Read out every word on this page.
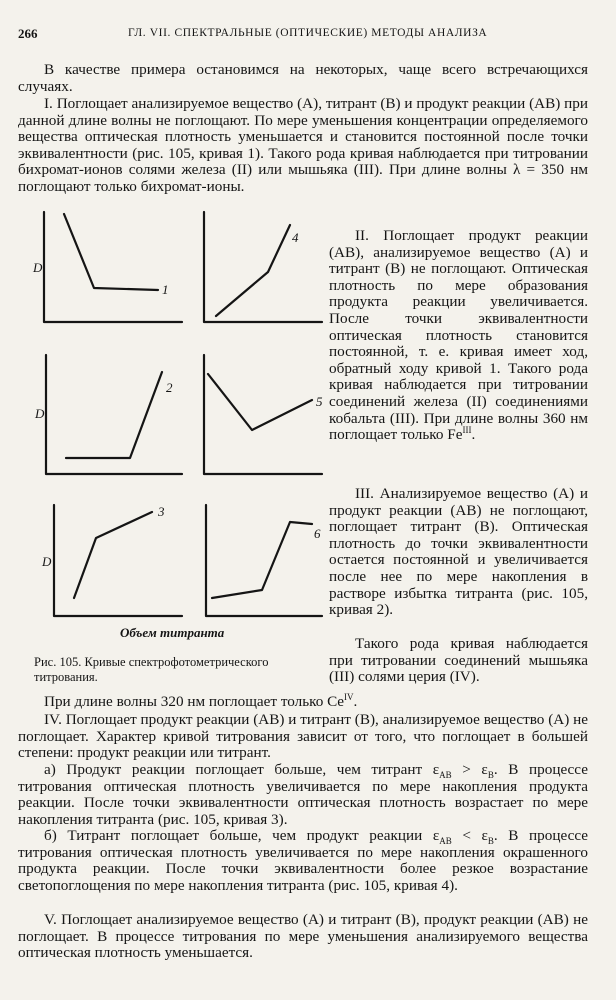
266	ГЛ. VII. СПЕКТРАЛЬНЫЕ (ОПТИЧЕСКИЕ) МЕТОДЫ АНАЛИЗА

В качестве примера остановимся на некоторых, чаще всего встречающихся случаях.

I. Поглощает анализируемое вещество (А), титрант (В) и продукт реакции (АВ) при данной длине волны не поглощают. По мере уменьшения концентрации определяемого вещества оптическая плотность уменьшается и становится постоянной после точки эквивалентности (рис. 105, кривая 1). Такого рода кривая наблюдается при титровании бихромат-ионов солями железа (II) или мышьяка (III). При длине волны λ = 350 нм поглощают только бихромат-ионы.

D
D
D
1
2
3
4
5
6
Объем титранта
Рис. 105. Кривые спектрофотометрического титрования.

II. Поглощает продукт реакции (АВ), анализируемое вещество (А) и титрант (В) не поглощают. Оптическая плотность по мере образования продукта реакции увеличивается. После точки эквивалентности оптическая плотность становится постоянной, т. е. кривая имеет ход, обратный ходу кривой 1. Такого рода кривая наблюдается при титровании соединений железа (II) соединениями кобальта (III). При длине волны 360 нм поглощает только $Fe^{III}$.

III. Анализируемое вещество (А) и продукт реакции (АВ) не поглощают, поглощает титрант (В). Оптическая плотность до точки эквивалентности остается постоянной и увеличивается после нее по мере накопления в растворе избытка титранта (рис. 105, кривая 2).

Такого рода кривая наблюдается при титровании соединений мышьяка (III) солями церия (IV).

При длине волны 320 нм поглощает только $Ce^{IV}$.

IV. Поглощает продукт реакции (АВ) и титрант (В), анализируемое вещество (А) не поглощает. Характер кривой титрования зависит от того, что поглощает в большей степени: продукт реакции или титрант.

а) Продукт реакции поглощает больше, чем титрант $\varepsilon_{AB} > \varepsilon_B$. В процессе титрования оптическая плотность увеличивается по мере накопления продукта реакции. После точки эквивалентности оптическая плотность возрастает по мере накопления титранта (рис. 105, кривая 3).

б) Титрант поглощает больше, чем продукт реакции $\varepsilon_{AB} < \varepsilon_B$. В процессе титрования оптическая плотность увеличивается по мере накопления окрашенного продукта реакции. После точки эквивалентности более резкое возрастание светопоглощения по мере накопления титранта (рис. 105, кривая 4).

V. Поглощает анализируемое вещество (А) и титрант (В), продукт реакции (АВ) не поглощает. В процессе титрования по мере уменьшения анализируемого вещества оптическая плотность уменьшается.
